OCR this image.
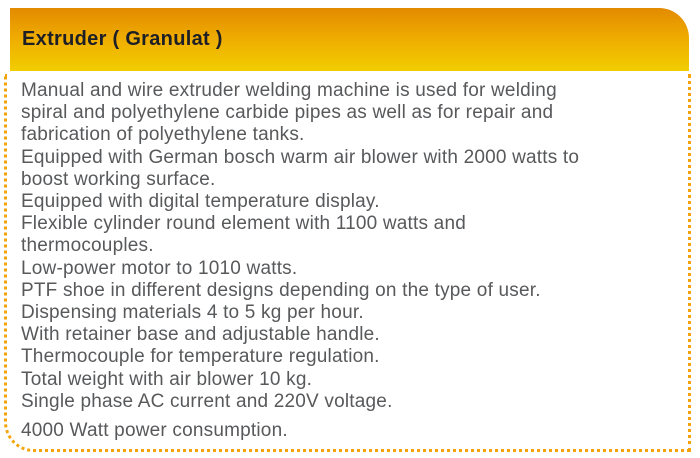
Extruder ( Granulat )
Manual and wire extruder welding machine is used for welding
spiral and polyethylene carbide pipes as well as for repair and
fabrication of polyethylene tanks.
Equipped with German bosch warm air blower with 2000 watts to
boost working surface.
Equipped with digital temperature display.
Flexible cylinder round element with 1100 watts and
thermocouples.
Low-power motor to 1010 watts.
PTF shoe in different designs depending on the type of user.
Dispensing materials 4 to 5 kg per hour.
With retainer base and adjustable handle.
Thermocouple for temperature regulation.
Total weight with air blower 10 kg.
Single phase AC current and 220V voltage.
4000 Watt power consumption.
